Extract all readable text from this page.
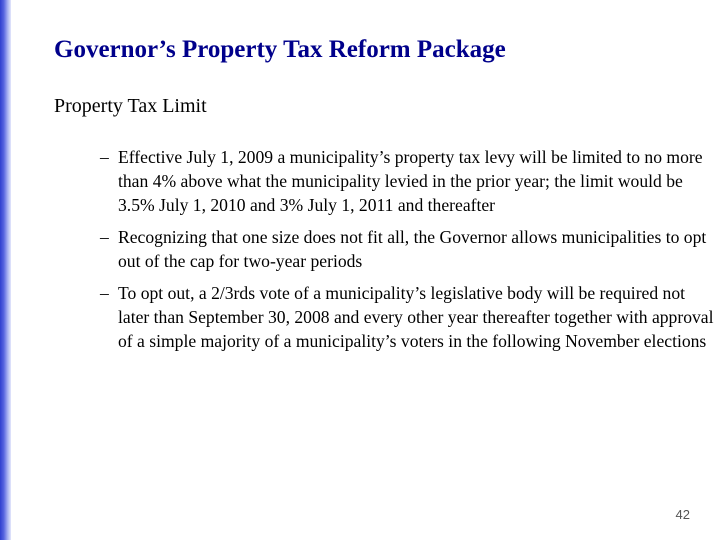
Governor’s Property Tax Reform Package
Property Tax Limit
– Effective July 1, 2009 a municipality’s property tax levy will be limited to no more than 4% above what the municipality levied in the prior year; the limit would be 3.5% July 1, 2010 and 3% July 1, 2011 and thereafter
– Recognizing that one size does not fit all, the Governor allows municipalities to opt out of the cap for two-year periods
– To opt out, a 2/3rds vote of a municipality’s legislative body will be required not later than September 30, 2008 and every other year thereafter together with approval of a simple majority of a municipality’s voters in the following November elections
42
